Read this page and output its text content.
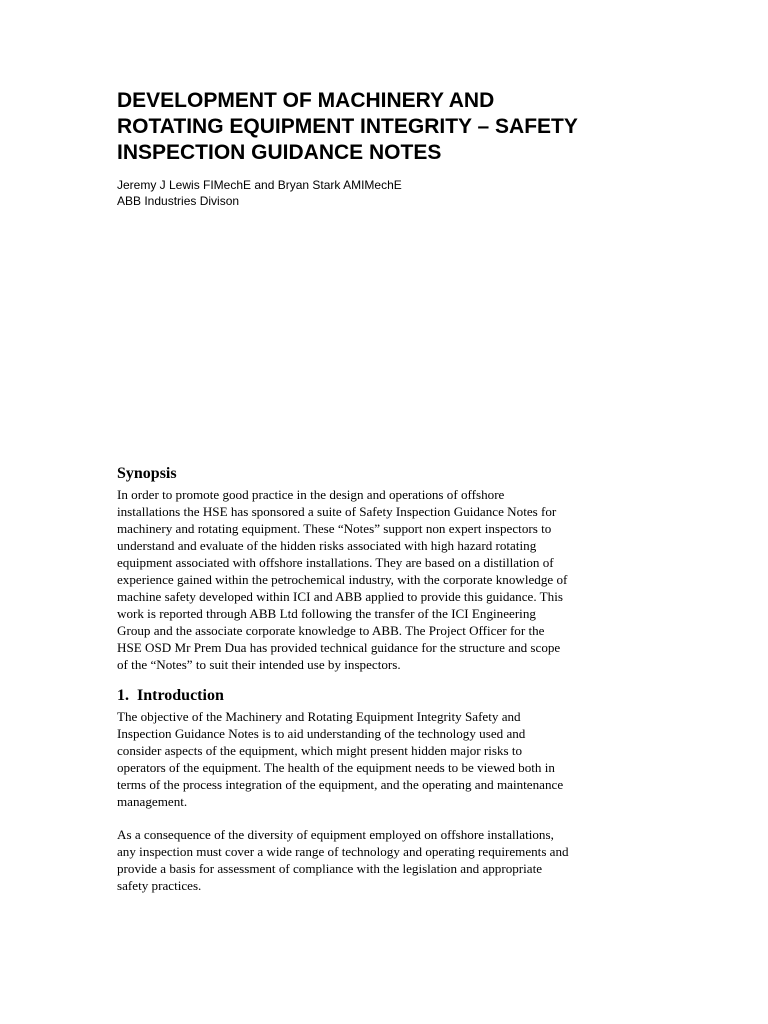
DEVELOPMENT OF MACHINERY AND
ROTATING EQUIPMENT INTEGRITY – SAFETY
INSPECTION GUIDANCE NOTES
Jeremy J Lewis FIMechE and Bryan Stark AMIMechE
ABB Industries Divison
Synopsis
In order to promote good practice in the design and operations of offshore
installations the HSE has sponsored a suite of Safety Inspection Guidance Notes for
machinery and rotating equipment. These “Notes” support non expert inspectors to
understand and evaluate of the hidden risks associated with high hazard rotating
equipment associated with offshore installations. They are based on a distillation of
experience gained within the petrochemical industry, with the corporate knowledge of
machine safety developed within ICI and ABB applied to provide this guidance. This
work is reported through ABB Ltd following the transfer of the ICI Engineering
Group and the associate corporate knowledge to ABB. The Project Officer for the
HSE OSD Mr Prem Dua has provided technical guidance for the structure and scope
of the “Notes” to suit their intended use by inspectors.
1. Introduction
The objective of the Machinery and Rotating Equipment Integrity Safety and
Inspection Guidance Notes is to aid understanding of the technology used and
consider aspects of the equipment, which might present hidden major risks to
operators of the equipment. The health of the equipment needs to be viewed both in
terms of the process integration of the equipment, and the operating and maintenance
management.
As a consequence of the diversity of equipment employed on offshore installations,
any inspection must cover a wide range of technology and operating requirements and
provide a basis for assessment of compliance with the legislation and appropriate
safety practices.
